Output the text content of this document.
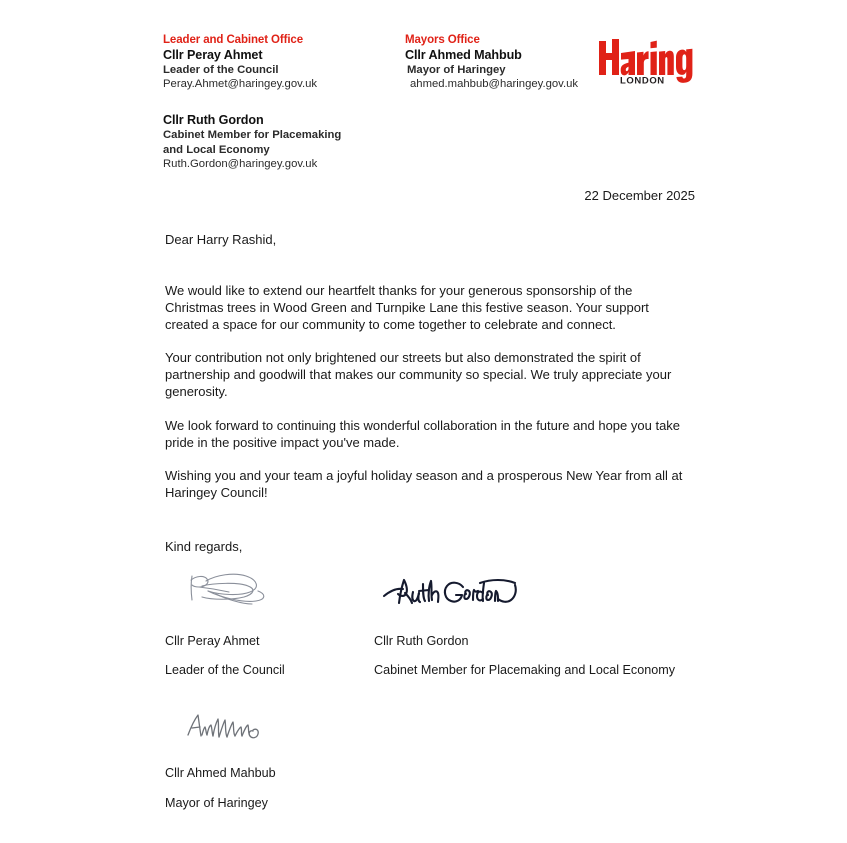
Leader and Cabinet Office
Cllr Peray Ahmet
Leader of the Council
Peray.Ahmet@haringey.gov.uk
Mayors Office
Cllr Ahmed Mahbub
Mayor of Haringey
ahmed.mahbub@haringey.gov.uk
Cllr Ruth Gordon
Cabinet Member for Placemaking
and Local Economy
Ruth.Gordon@haringey.gov.uk
LONDON
22 December 2025
Dear Harry Rashid,

We would like to extend our heartfelt thanks for your generous sponsorship of the Christmas trees in Wood Green and Turnpike Lane this festive season. Your support created a space for our community to come together to celebrate and connect.

Your contribution not only brightened our streets but also demonstrated the spirit of partnership and goodwill that makes our community so special. We truly appreciate your generosity.

We look forward to continuing this wonderful collaboration in the future and hope you take pride in the positive impact you've made.

Wishing you and your team a joyful holiday season and a prosperous New Year from all at Haringey Council!

Kind regards,
Cllr Peray Ahmet
Leader of the Council
Cllr Ruth Gordon
Cabinet Member for Placemaking and Local Economy
Cllr Ahmed Mahbub
Mayor of Haringey
